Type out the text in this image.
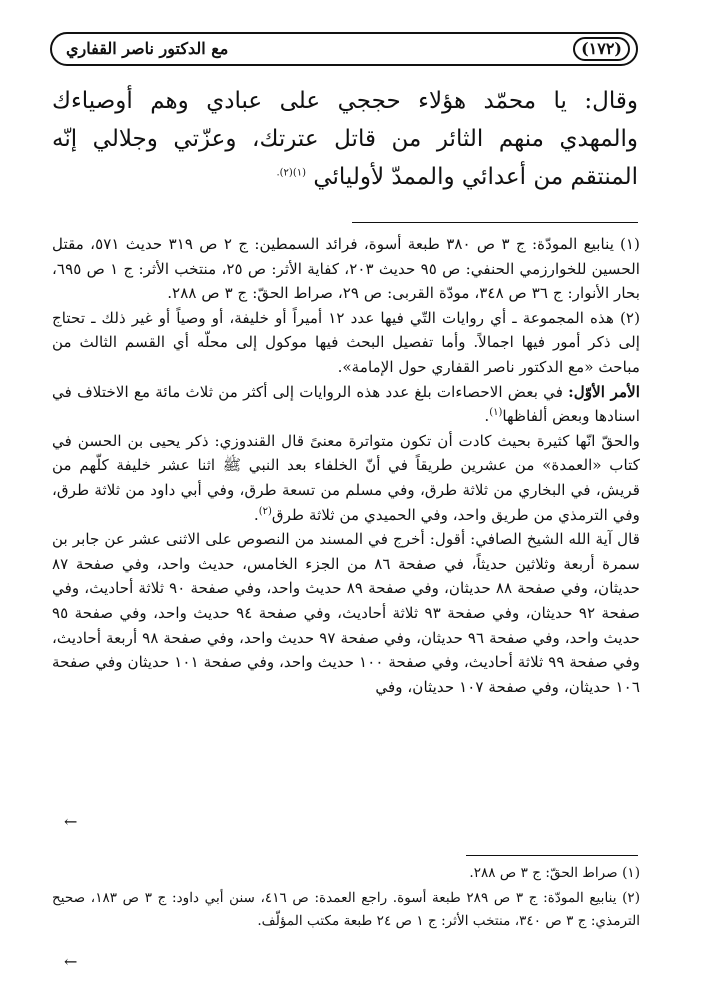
(١٧٢)
مع الدكتور ناصر القفاري

وقال: يا محمّد هؤلاء حججي على عبادي وهم أوصياءك والمهدي منهم الثائر من قاتل عترتك، وعزّتي وجلالي إنّه المنتقم من أعدائي والممدّ لأوليائي $^{(١)(٢).}$

(١)ينابيع المودّة: ج ٣ ص ٣٨٠ طبعة أسوة، فرائد السمطين: ج ٢ ص ٣١٩ حديث ٥٧١، مقتل الحسين للخوارزمي الحنفي: ص ٩٥ حديث ٢٠٣، كفاية الأثر: ص ٢٥، منتخب الأثر: ج ١ ص ٦٩٥، بحار الأنوار: ج ٣٦ ص ٣٤٨، مودّة القربى: ص ٢٩، صراط الحقّ: ج ٣ ص ٢٨٨.

(٢)هذه المجموعة ـ أي روايات التّي فيها عدد ١٢ أميراً أو خليفة، أو وصياً أو غير ذلك ـ تحتاج إلى ذكر أمور فيها اجمالاً. وأما تفصيل البحث فيها موكول إلى محلّه أي القسم الثالث من مباحث «مع الدكتور ناصر القفاري حول الإمامة».

الأمر الأوّل: في بعض الاحصاءات بلغ عدد هذه الروايات إلى أكثر من ثلاث مائة مع الاختلاف في اسنادها وبعض ألفاظها$^{(١)}$.

والحقّ انّها كثيرة بحيث كادت أن تكون متواترة معنىً قال القندوزي: ذكر يحيى بن الحسن في كتاب «العمدة» من عشرين طريقاً في أنّ الخلفاء بعد النبي ﷺ اثنا عشر خليفة كلّهم من قريش، في البخاري من ثلاثة طرق، وفي مسلم من تسعة طرق، وفي أبي داود من ثلاثة طرق، وفي الترمذي من طريق واحد، وفي الحميدي من ثلاثة طرق$^{(٢)}$.

قال آية الله الشيخ الصافي: أقول: أخرج في المسند من النصوص على الاثنى عشر عن جابر بن سمرة أربعة وثلاثين حديثاً، في صفحة ٨٦ من الجزء الخامس، حديث واحد، وفي صفحة ٨٧ حديثان، وفي صفحة ٨٨ حديثان، وفي صفحة ٨٩ حديث واحد، وفي صفحة ٩٠ ثلاثة أحاديث، وفي صفحة ٩٢ حديثان، وفي صفحة ٩٣ ثلاثة أحاديث، وفي صفحة ٩٤ حديث واحد، وفي صفحة ٩٥ حديث واحد، وفي صفحة ٩٦ حديثان، وفي صفحة ٩٧ حديث واحد، وفي صفحة ٩٨ أربعة أحاديث، وفي صفحة ٩٩ ثلاثة أحاديث، وفي صفحة ١٠٠ حديث واحد، وفي صفحة ١٠١ حديثان وفي صفحة ١٠٦ حديثان، وفي صفحة ١٠٧ حديثان، وفي

←

(١) صراط الحقّ: ج ٣ ص ٢٨٨.

(٢) ينابيع المودّة: ج ٣ ص ٢٨٩ طبعة أسوة. راجع العمدة: ص ٤١٦، سنن أبي داود: ج ٣ ص ١٨٣، صحيح الترمذي: ج ٣ ص ٣٤٠، منتخب الأثر: ج ١ ص ٢٤ طبعة مكتب المؤلّف.

←
